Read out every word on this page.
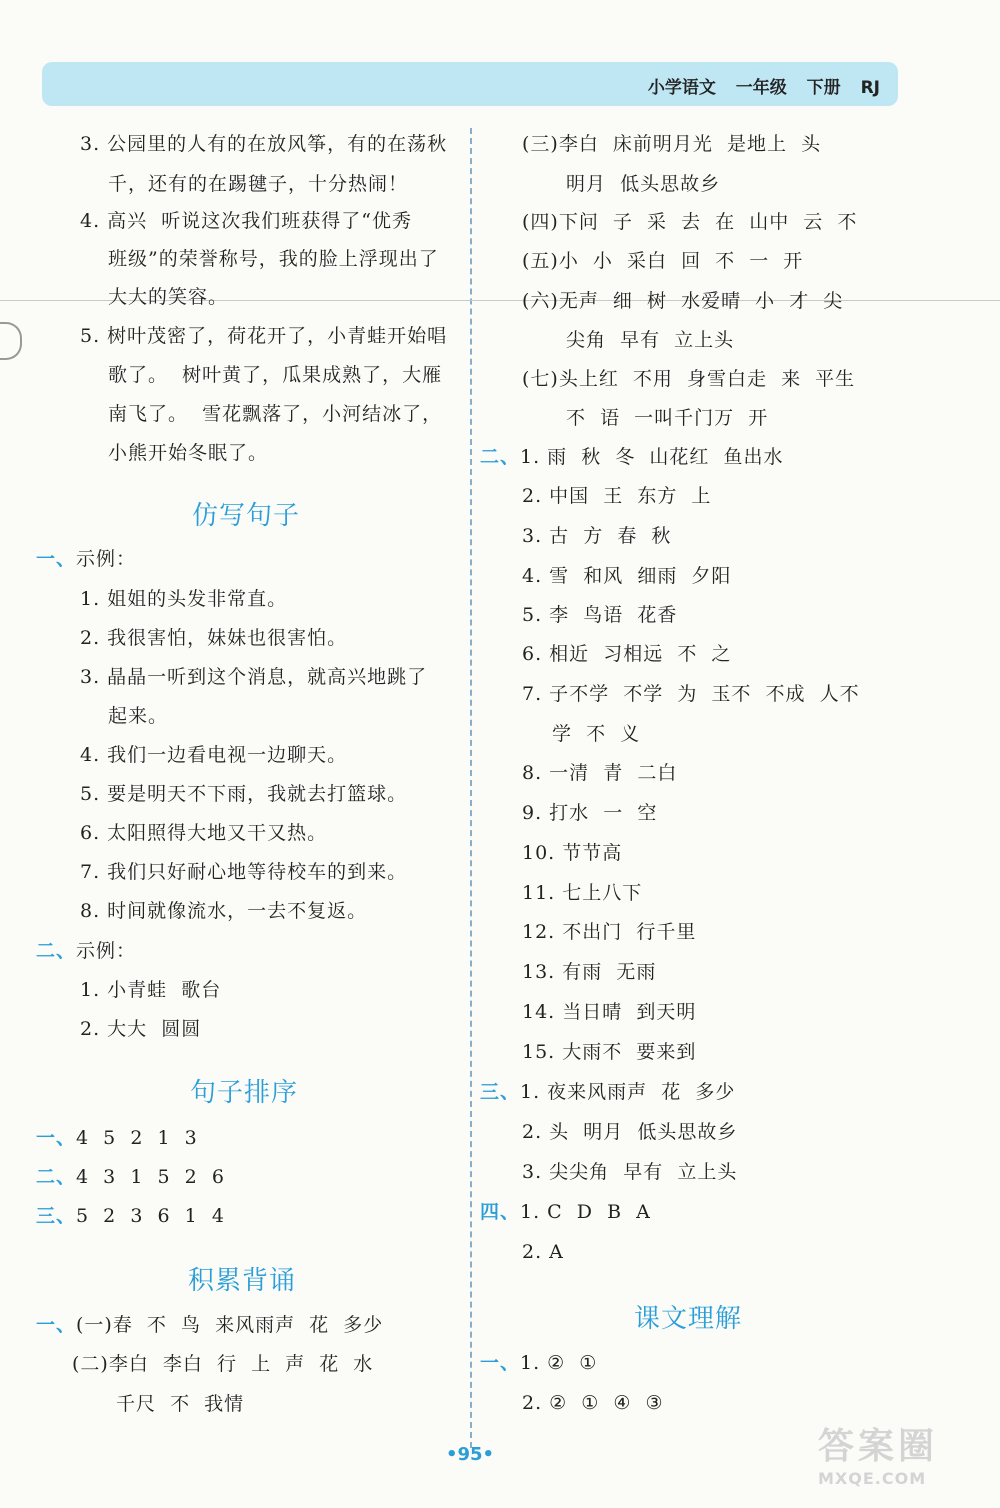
小学语文 一年级 下册 RJ
3. 公园里的人有的在放风筝，有的在荡秋
千，还有的在踢毽子，十分热闹！
4. 高兴  听说这次我们班获得了“优秀
班级”的荣誉称号，我的脸上浮现出了
大大的笑容。
5. 树叶茂密了，荷花开了，小青蛙开始唱
歌了。  树叶黄了，瓜果成熟了，大雁
南飞了。  雪花飘落了，小河结冰了，
小熊开始冬眠了。
仿写句子
一、示例：
1. 姐姐的头发非常直。
2. 我很害怕，妹妹也很害怕。
3. 晶晶一听到这个消息，就高兴地跳了
起来。
4. 我们一边看电视一边聊天。
5. 要是明天不下雨，我就去打篮球。
6. 太阳照得大地又干又热。
7. 我们只好耐心地等待校车的到来。
8. 时间就像流水，一去不复返。
二、示例：
1. 小青蛙  歌台
2. 大大  圆圆
句子排序
一、4  5  2  1  3
二、4  3  1  5  2  6
三、5  2  3  6  1  4
积累背诵
一、(一)春  不  鸟  来风雨声  花  多少
(二)李白  李白  行  上  声  花  水
千尺  不  我情
(三)李白  床前明月光  是地上  头
明月  低头思故乡
(四)下问  子  采  去  在  山中  云  不
(五)小  小  采白  回  不  一  开
(六)无声  细  树  水爱晴  小  才  尖
尖角  早有  立上头
(七)头上红  不用  身雪白走  来  平生
不  语  一叫千门万  开
二、1. 雨  秋  冬  山花红  鱼出水
2. 中国  王  东方  上
3. 古  方  春  秋
4. 雪  和风  细雨  夕阳
5. 李  鸟语  花香
6. 相近  习相远  不  之
7. 子不学  不学  为  玉不  不成  人不
学  不  义
8. 一清  青  二白
9. 打水  一  空
10. 节节高
11. 七上八下
12. 不出门  行千里
13. 有雨  无雨
14. 当日晴  到天明
15. 大雨不  要来到
三、1. 夜来风雨声  花  多少
2. 头  明月  低头思故乡
3. 尖尖角  早有  立上头
四、1. C  D  B  A
2. A
课文理解
一、1. ②  ①
2. ②  ①  ④  ③
•95•	答案圈
MXQE.COM
